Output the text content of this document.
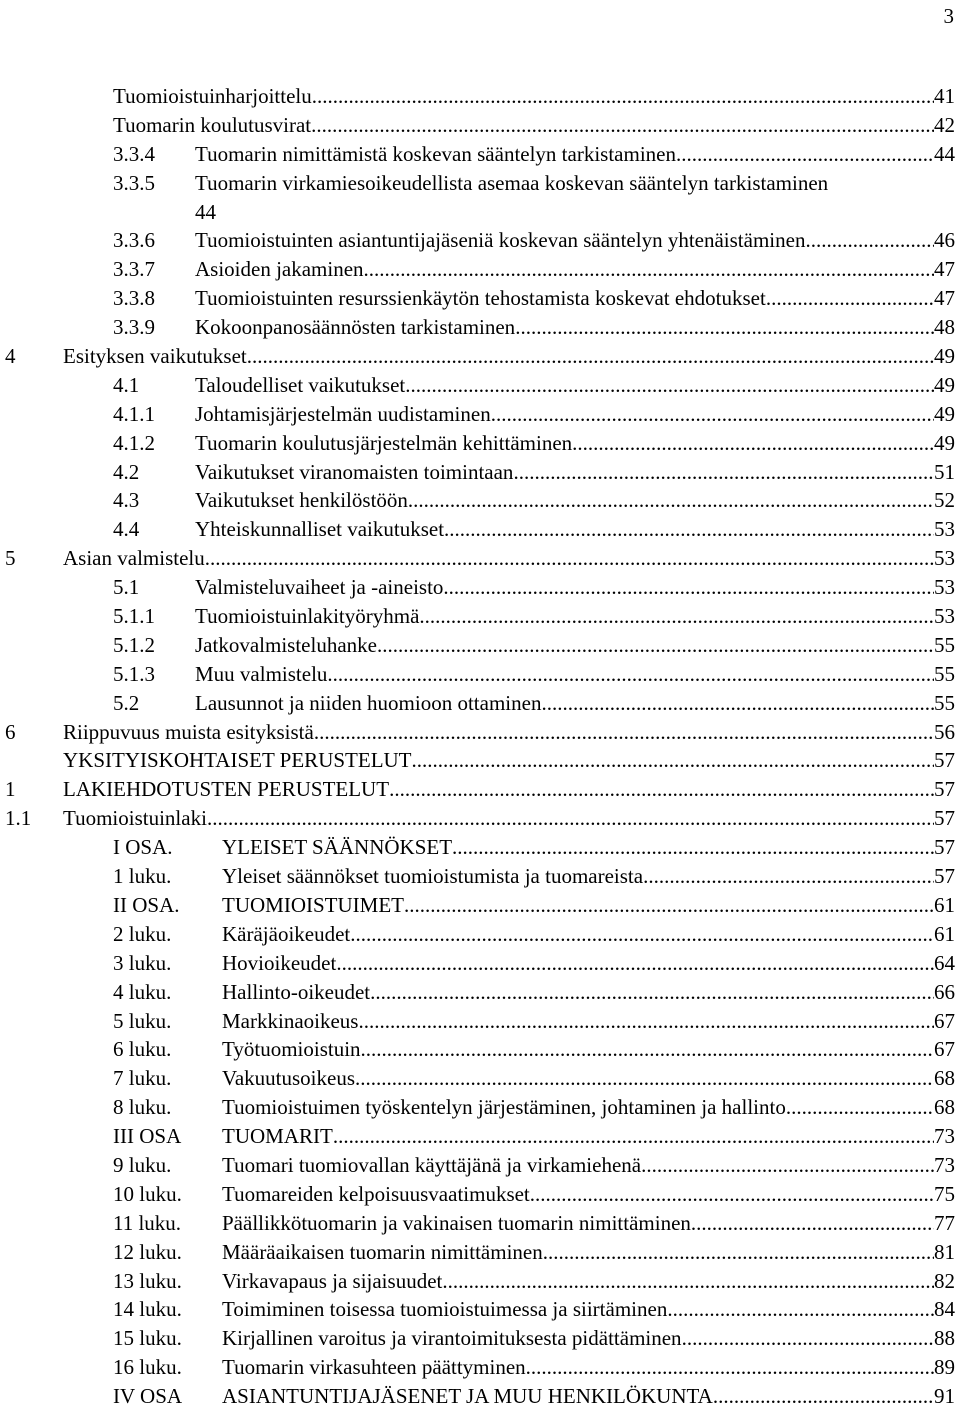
3
Tuomioistuinharjoittelu .....	41
Tuomarin koulutusvirat .....	42
3.3.4 Tuomarin nimittämistä koskevan sääntelyn tarkistaminen .....	44
3.3.5 Tuomarin virkamiesoikeudellista asemaa koskevan sääntelyn tarkistaminen
44
3.3.6 Tuomioistuinten asiantuntijajäseniä koskevan sääntelyn yhtenäistäminen .....	46
3.3.7 Asioiden jakaminen .....	47
3.3.8 Tuomioistuinten resurssienkäytön tehostamista koskevat ehdotukset .....	47
3.3.9 Kokoonpanosäännösten tarkistaminen .....	48
4 Esityksen vaikutukset .....	49
4.1	Taloudelliset vaikutukset .....	49
4.1.1 Johtamisjärjestelmän uudistaminen .....	49
4.1.2 Tuomarin koulutusjärjestelmän kehittäminen .....	49
4.2	Vaikutukset viranomaisten toimintaan .....	51
4.3	Vaikutukset henkilöstöön .....	52
4.4	Yhteiskunnalliset vaikutukset .....	53
5 Asian valmistelu .....	53
5.1	Valmisteluvaiheet ja -aineisto .....	53
5.1.1 Tuomioistuinlakityöryhmä .....	53
5.1.2 Jatkovalmisteluhanke .....	55
5.1.3 Muu valmistelu .....	55
5.2	Lausunnot ja niiden huomioon ottaminen .....	55
6 Riippuvuus muista esityksistä .....	56
YKSITYISKOHTAISET PERUSTELUT .....	57
1 LAKIEHDOTUSTEN PERUSTELUT .....	57
1.1 Tuomioistuinlaki .....	57
I OSA. YLEISET SÄÄNNÖKSET .....	57
1 luku. Yleiset säännökset tuomioistumista ja tuomareista .....	57
II OSA. TUOMIOISTUIMET .....	61
2 luku. Käräjäoikeudet .....	61
3 luku. Hovioikeudet .....	64
4 luku. Hallinto-oikeudet .....	66
5 luku. Markkinaoikeus .....	67
6 luku. Työtuomioistuin .....	67
7 luku. Vakuutusoikeus .....	68
8 luku. Tuomioistuimen työskentelyn järjestäminen, johtaminen ja hallinto .....	68
III OSA TUOMARIT .....	73
9 luku. Tuomari tuomiovallan käyttäjänä ja virkamiehenä .....	73
10 luku. Tuomareiden kelpoisuusvaatimukset .....	75
11 luku. Päällikkötuomarin ja vakinaisen tuomarin nimittäminen .....	77
12 luku. Määräaikaisen tuomarin nimittäminen .....	81
13 luku. Virkavapaus ja sijaisuudet .....	82
14 luku. Toimiminen toisessa tuomioistuimessa ja siirtäminen .....	84
15 luku. Kirjallinen varoitus ja virantoimituksesta pidättäminen .....	88
16 luku. Tuomarin virkasuhteen päättyminen .....	89
IV OSA ASIANTUNTIJAJÄSENET JA MUU HENKILÖKUNTA .....	91
